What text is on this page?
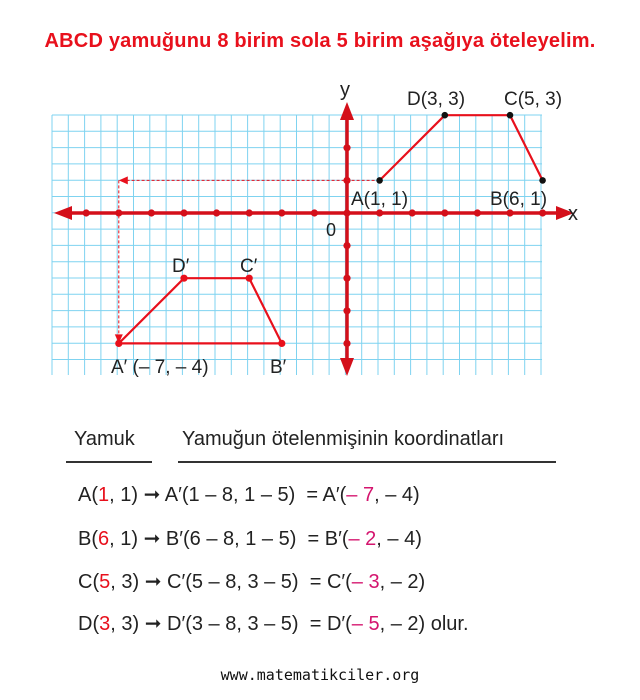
ABCD yamuğunu 8 birim sola 5 birim aşağıya öteleyelim.
y
x
0
D(3, 3) C(5, 3)
A(1, 1)	B(6, 1)
D′	C′
A′ (– 7, – 4)	B′
Yamuk Yamuğun ötelenmişinin koordinatları
A(1, 1) ➞ A′(1 – 8, 1 – 5)  = A′(– 7, – 4)
B(6, 1) ➞ B′(6 – 8, 1 – 5)  = B′(– 2, – 4)
C(5, 3) ➞ C′(5 – 8, 3 – 5)  = C′(– 3, – 2)
D(3, 3) ➞ D′(3 – 8, 3 – 5)  = D′(– 5, – 2) olur.
www.matematikciler.org
